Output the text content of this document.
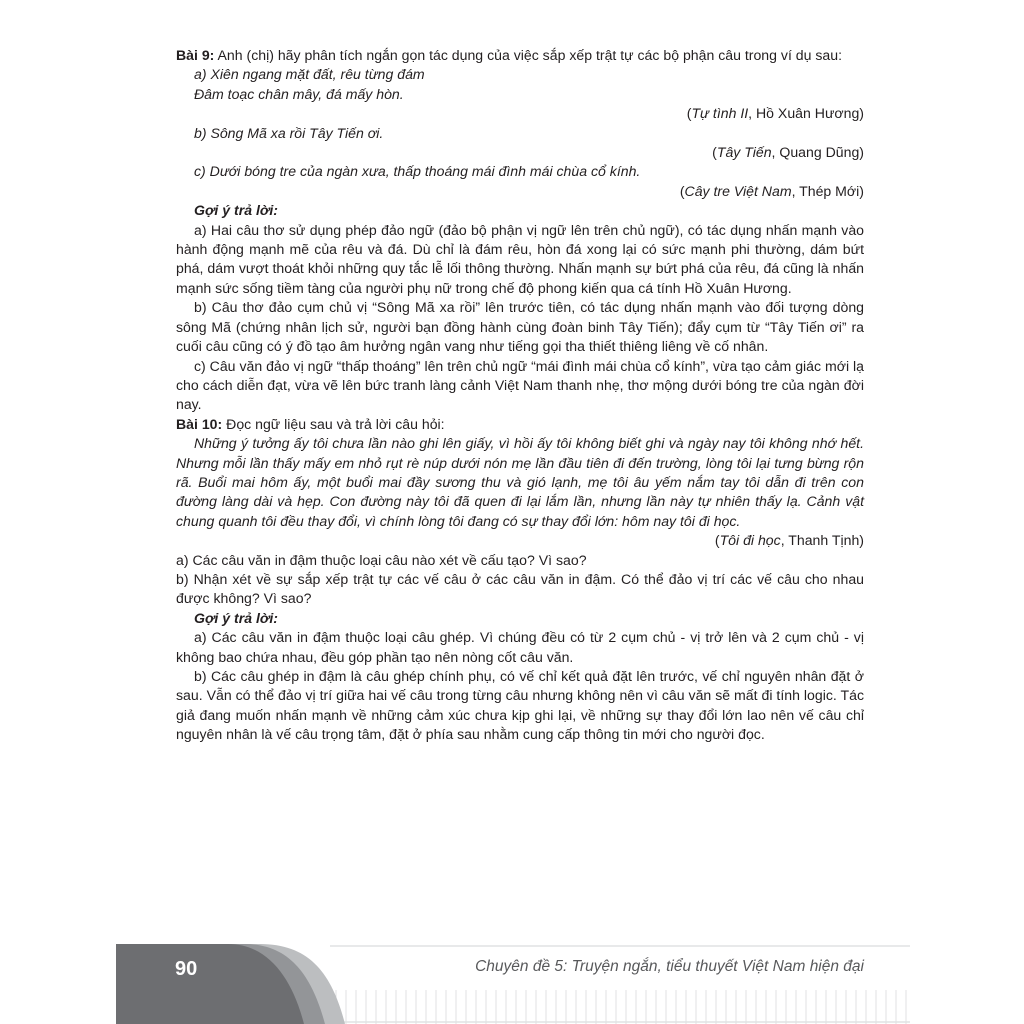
Bài 9: Anh (chị) hãy phân tích ngắn gọn tác dụng của việc sắp xếp trật tự các bộ phận câu trong ví dụ sau:

a) Xiên ngang mặt đất, rêu từng đám

Đâm toạc chân mây, đá mấy hòn.

(Tự tình II, Hồ Xuân Hương)

b) Sông Mã xa rồi Tây Tiến ơi.

(Tây Tiến, Quang Dũng)

c) Dưới bóng tre của ngàn xưa, thấp thoáng mái đình mái chùa cổ kính.

(Cây tre Việt Nam, Thép Mới)

Gợi ý trả lời:

a) Hai câu thơ sử dụng phép đảo ngữ (đảo bộ phận vị ngữ lên trên chủ ngữ), có tác dụng nhấn mạnh vào hành động mạnh mẽ của rêu và đá. Dù chỉ là đám rêu, hòn đá xong lại có sức mạnh phi thường, dám bứt phá, dám vượt thoát khỏi những quy tắc lễ lối thông thường. Nhấn mạnh sự bứt phá của rêu, đá cũng là nhấn mạnh sức sống tiềm tàng của người phụ nữ trong chế độ phong kiến qua cá tính Hồ Xuân Hương.

b) Câu thơ đảo cụm chủ vị “Sông Mã xa rồi” lên trước tiên, có tác dụng nhấn mạnh vào đối tượng dòng sông Mã (chứng nhân lịch sử, người bạn đồng hành cùng đoàn binh Tây Tiến); đẩy cụm từ “Tây Tiến ơi” ra cuối câu cũng có ý đồ tạo âm hưởng ngân vang như tiếng gọi tha thiết thiêng liêng về cố nhân.

c) Câu văn đảo vị ngữ “thấp thoáng” lên trên chủ ngữ “mái đình mái chùa cổ kính”, vừa tạo cảm giác mới lạ cho cách diễn đạt, vừa vẽ lên bức tranh làng cảnh Việt Nam thanh nhẹ, thơ mộng dưới bóng tre của ngàn đời nay.

Bài 10: Đọc ngữ liệu sau và trả lời câu hỏi:

Những ý tưởng ấy tôi chưa lần nào ghi lên giấy, vì hồi ấy tôi không biết ghi và ngày nay tôi không nhớ hết. Nhưng mỗi lần thấy mấy em nhỏ rụt rè núp dưới nón mẹ lần đầu tiên đi đến trường, lòng tôi lại tưng bừng rộn rã. Buổi mai hôm ấy, một buổi mai đầy sương thu và gió lạnh, mẹ tôi âu yếm nắm tay tôi dẫn đi trên con đường làng dài và hẹp. Con đường này tôi đã quen đi lại lắm lần, nhưng lần này tự nhiên thấy lạ. Cảnh vật chung quanh tôi đều thay đổi, vì chính lòng tôi đang có sự thay đổi lớn: hôm nay tôi đi học.

(Tôi đi học, Thanh Tịnh)

a) Các câu văn in đậm thuộc loại câu nào xét về cấu tạo? Vì sao?

b) Nhận xét về sự sắp xếp trật tự các vế câu ở các câu văn in đậm. Có thể đảo vị trí các vế câu cho nhau được không? Vì sao?

Gợi ý trả lời:

a) Các câu văn in đậm thuộc loại câu ghép. Vì chúng đều có từ 2 cụm chủ - vị trở lên và 2 cụm chủ - vị không bao chứa nhau, đều góp phần tạo nên nòng cốt câu văn.

b) Các câu ghép in đậm là câu ghép chính phụ, có vế chỉ kết quả đặt lên trước, vế chỉ nguyên nhân đặt ở sau. Vẫn có thể đảo vị trí giữa hai vế câu trong từng câu nhưng không nên vì câu văn sẽ mất đi tính logic. Tác giả đang muốn nhấn mạnh về những cảm xúc chưa kịp ghi lại, về những sự thay đổi lớn lao nên vế câu chỉ nguyên nhân là vế câu trọng tâm, đặt ở phía sau nhằm cung cấp thông tin mới cho người đọc.

90	Chuyên đề 5: Truyện ngắn, tiểu thuyết Việt Nam hiện đại
